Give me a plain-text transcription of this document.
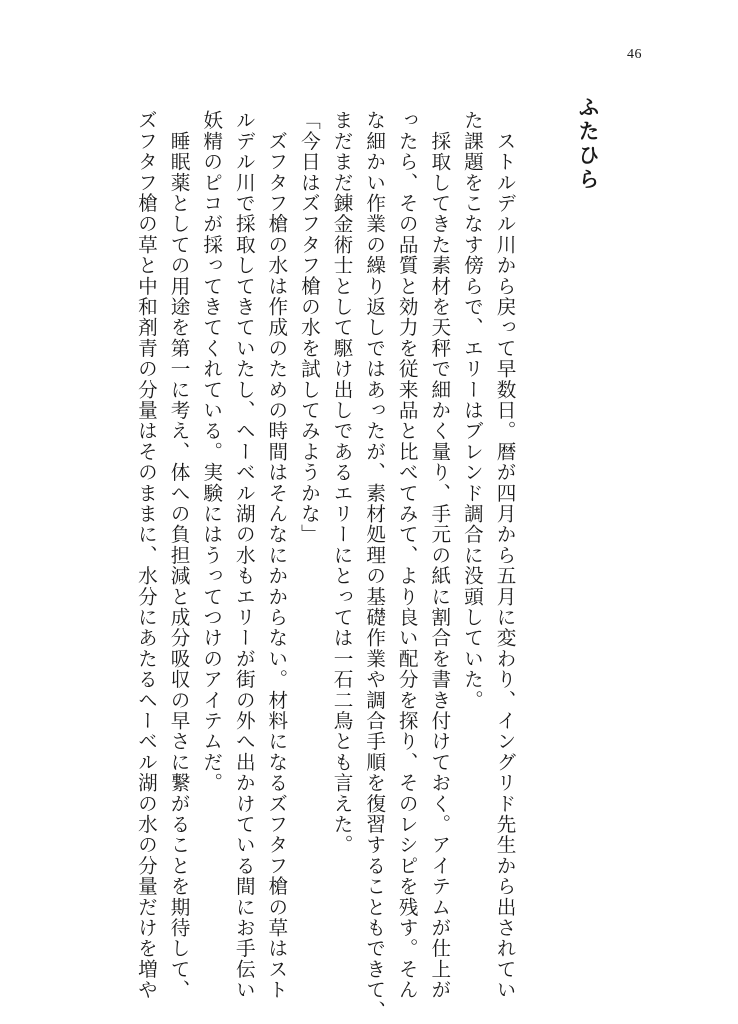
46
ふたひら
　ストルデル川から戻って早数日。暦が四月から五月に変わり、イングリド先生から出されてい
た課題をこなす傍らで、エリーはブレンド調合に没頭していた。
　採取してきた素材を天秤で細かく量り、手元の紙に割合を書き付けておく。アイテムが仕上が
ったら、その品質と効力を従来品と比べてみて、より良い配分を探り、そのレシピを残す。そん
な細かい作業の繰り返しではあったが、素材処理の基礎作業や調合手順を復習することもできて、
まだまだ錬金術士として駆け出しであるエリーにとっては一石二鳥とも言えた。
「今日はズフタフ槍の水を試してみようかな」
　ズフタフ槍の水は作成のための時間はそんなにかからない。材料になるズフタフ槍の草はスト
ルデル川で採取してきていたし、ヘーベル湖の水もエリーが街の外へ出かけている間にお手伝い
妖精のピコが採ってきてくれている。実験にはうってつけのアイテムだ。
　睡眠薬としての用途を第一に考え、体への負担減と成分吸収の早さに繋がることを期待して、
ズフタフ槍の草と中和剤青の分量はそのままに、水分にあたるヘーベル湖の水の分量だけを増や
